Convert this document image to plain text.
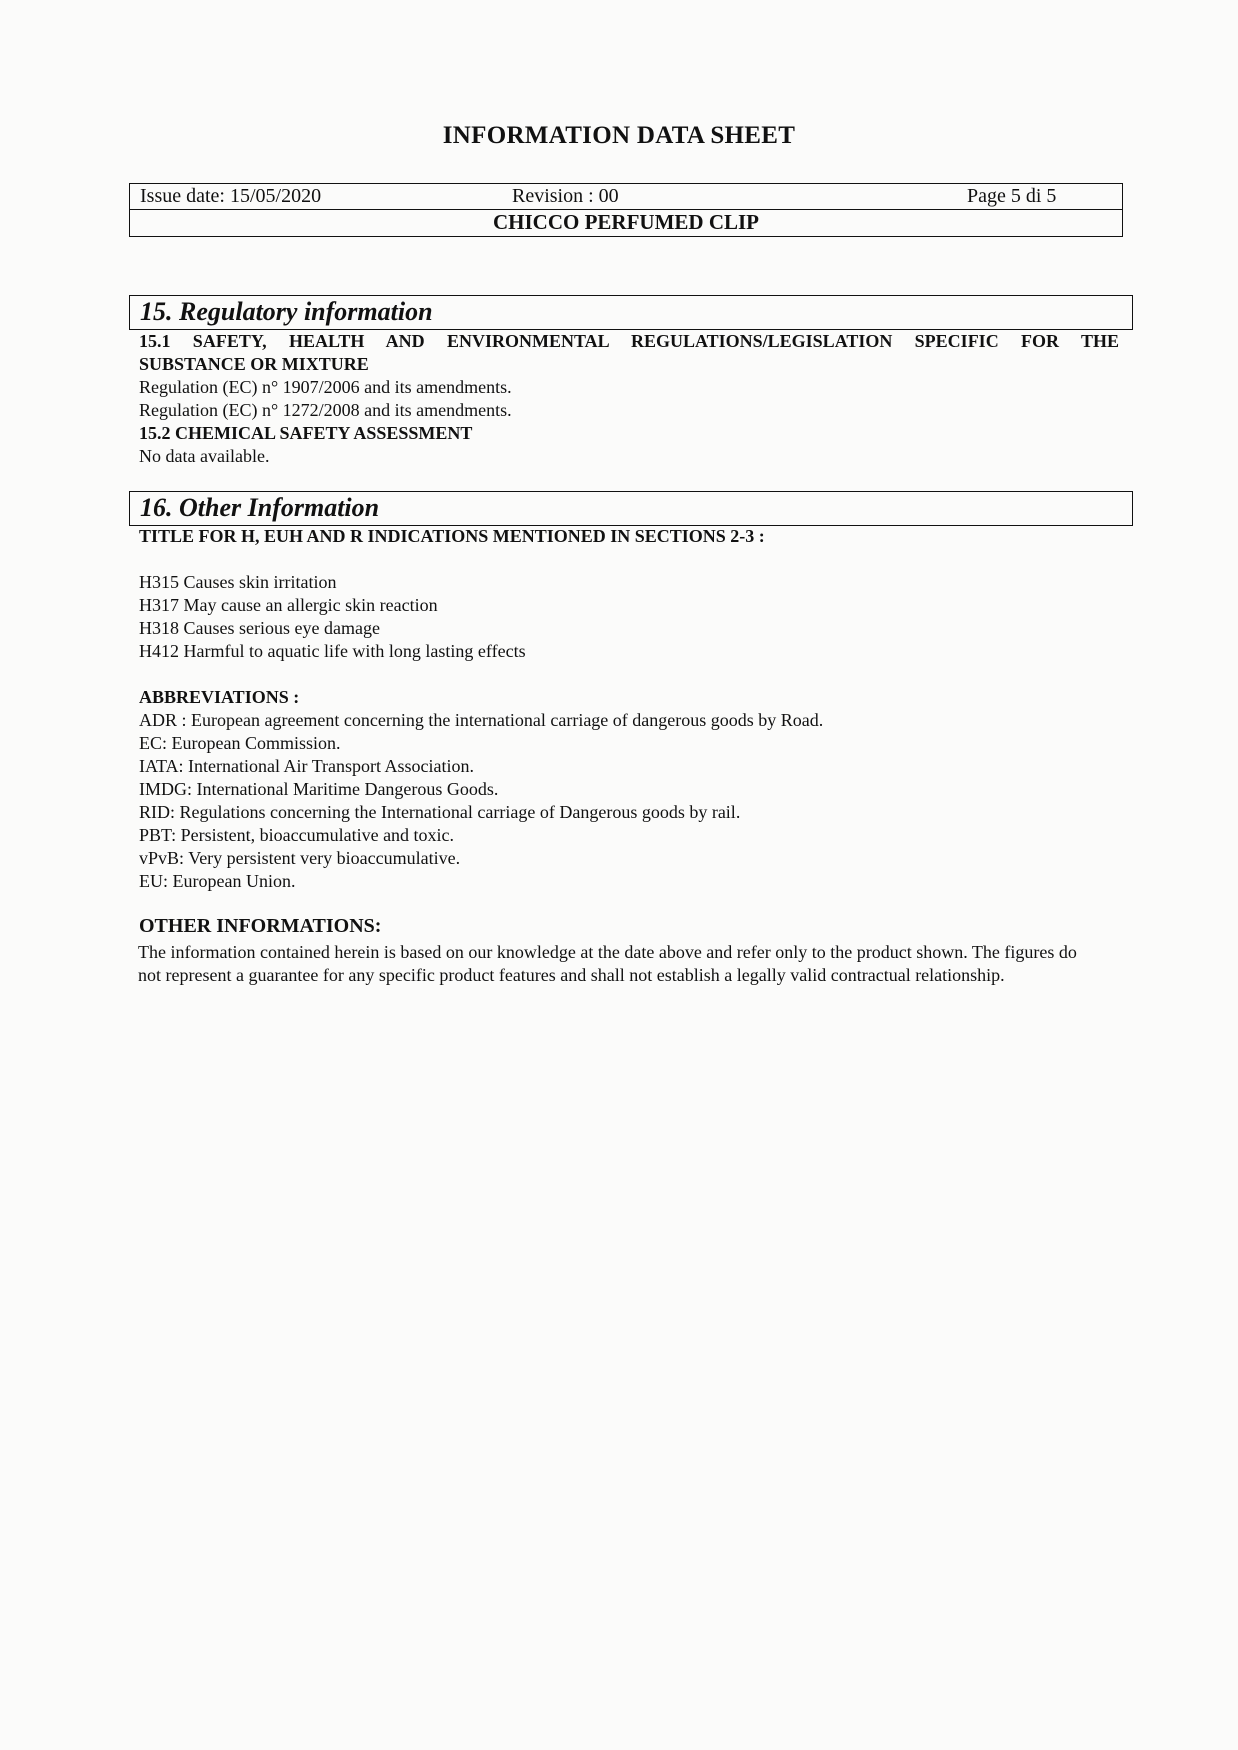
INFORMATION DATA SHEET
Issue date: 15/05/2020	Revision : 00	Page 5 di 5
CHICCO PERFUMED CLIP
15. Regulatory information
15.1 SAFETY, HEALTH AND ENVIRONMENTAL REGULATIONS/LEGISLATION SPECIFIC FOR THE
SUBSTANCE OR MIXTURE
Regulation (EC) n° 1907/2006 and its amendments.
Regulation (EC) n° 1272/2008 and its amendments.
15.2 CHEMICAL SAFETY ASSESSMENT
No data available.
16. Other Information
TITLE FOR H, EUH AND R INDICATIONS MENTIONED IN SECTIONS 2-3 :
H315 Causes skin irritation
H317 May cause an allergic skin reaction
H318 Causes serious eye damage
H412 Harmful to aquatic life with long lasting effects
ABBREVIATIONS :
ADR : European agreement concerning the international carriage of dangerous goods by Road.
EC: European Commission.
IATA: International Air Transport Association.
IMDG: International Maritime Dangerous Goods.
RID: Regulations concerning the International carriage of Dangerous goods by rail.
PBT: Persistent, bioaccumulative and toxic.
vPvB: Very persistent very bioaccumulative.
EU: European Union.
OTHER INFORMATIONS:
The information contained herein is based on our knowledge at the date above and refer only to the product shown. The figures do not represent a guarantee for any specific product features and shall not establish a legally valid contractual relationship.
